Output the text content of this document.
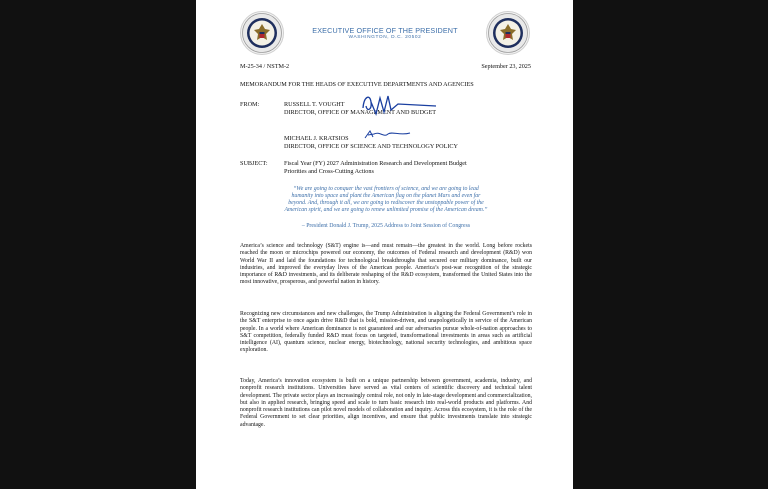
EXECUTIVE OFFICE OF THE PRESIDENT
WASHINGTON, D.C. 20502
M-25-34 / NSTM-2	September 23, 2025
MEMORANDUM FOR THE HEADS OF EXECUTIVE DEPARTMENTS AND AGENCIES
FROM:	RUSSELL T. VOUGHT
DIRECTOR, OFFICE OF MANAGEMENT AND BUDGET
MICHAEL J. KRATSIOS
DIRECTOR, OFFICE OF SCIENCE AND TECHNOLOGY POLICY
SUBJECT:	Fiscal Year (FY) 2027 Administration Research and Development Budget
Priorities and Cross-Cutting Actions
“We are going to conquer the vast frontiers of science, and we are going to lead
humanity into space and plant the American flag on the planet Mars and even far
beyond. And, through it all, we are going to rediscover the unstoppable power of the
American spirit, and we are going to renew unlimited promise of the American dream.”
– President Donald J. Trump, 2025 Address to Joint Session of Congress
America’s science and technology (S&T) engine is—and must remain—the greatest in the world. Long before rockets reached the moon or microchips powered our economy, the outcomes of Federal research and development (R&D) won World War II and laid the foundations for technological breakthroughs that secured our military dominance, built our industries, and improved the everyday lives of the American people. America’s post-war recognition of the strategic importance of R&D investments, and its deliberate reshaping of the R&D ecosystem, transformed the United States into the most innovative, prosperous, and powerful nation in history.
Recognizing new circumstances and new challenges, the Trump Administration is aligning the Federal Government’s role in the S&T enterprise to once again drive R&D that is bold, mission-driven, and unapologetically in service of the American people. In a world where American dominance is not guaranteed and our adversaries pursue whole-of-nation approaches to S&T competition, federally funded R&D must focus on targeted, transformational investments in areas such as artificial intelligence (AI), quantum science, nuclear energy, biotechnology, national security technologies, and ambitious space exploration.
Today, America’s innovation ecosystem is built on a unique partnership between government, academia, industry, and nonprofit research institutions. Universities have served as vital centers of scientific discovery and technical talent development. The private sector plays an increasingly central role, not only in late-stage development and commercialization, but also in applied research, bringing speed and scale to turn basic research into real-world products and platforms. And nonprofit research institutions can pilot novel models of collaboration and inquiry. Across this ecosystem, it is the role of the Federal Government to set clear priorities, align incentives, and ensure that public investments translate into strategic advantage.
